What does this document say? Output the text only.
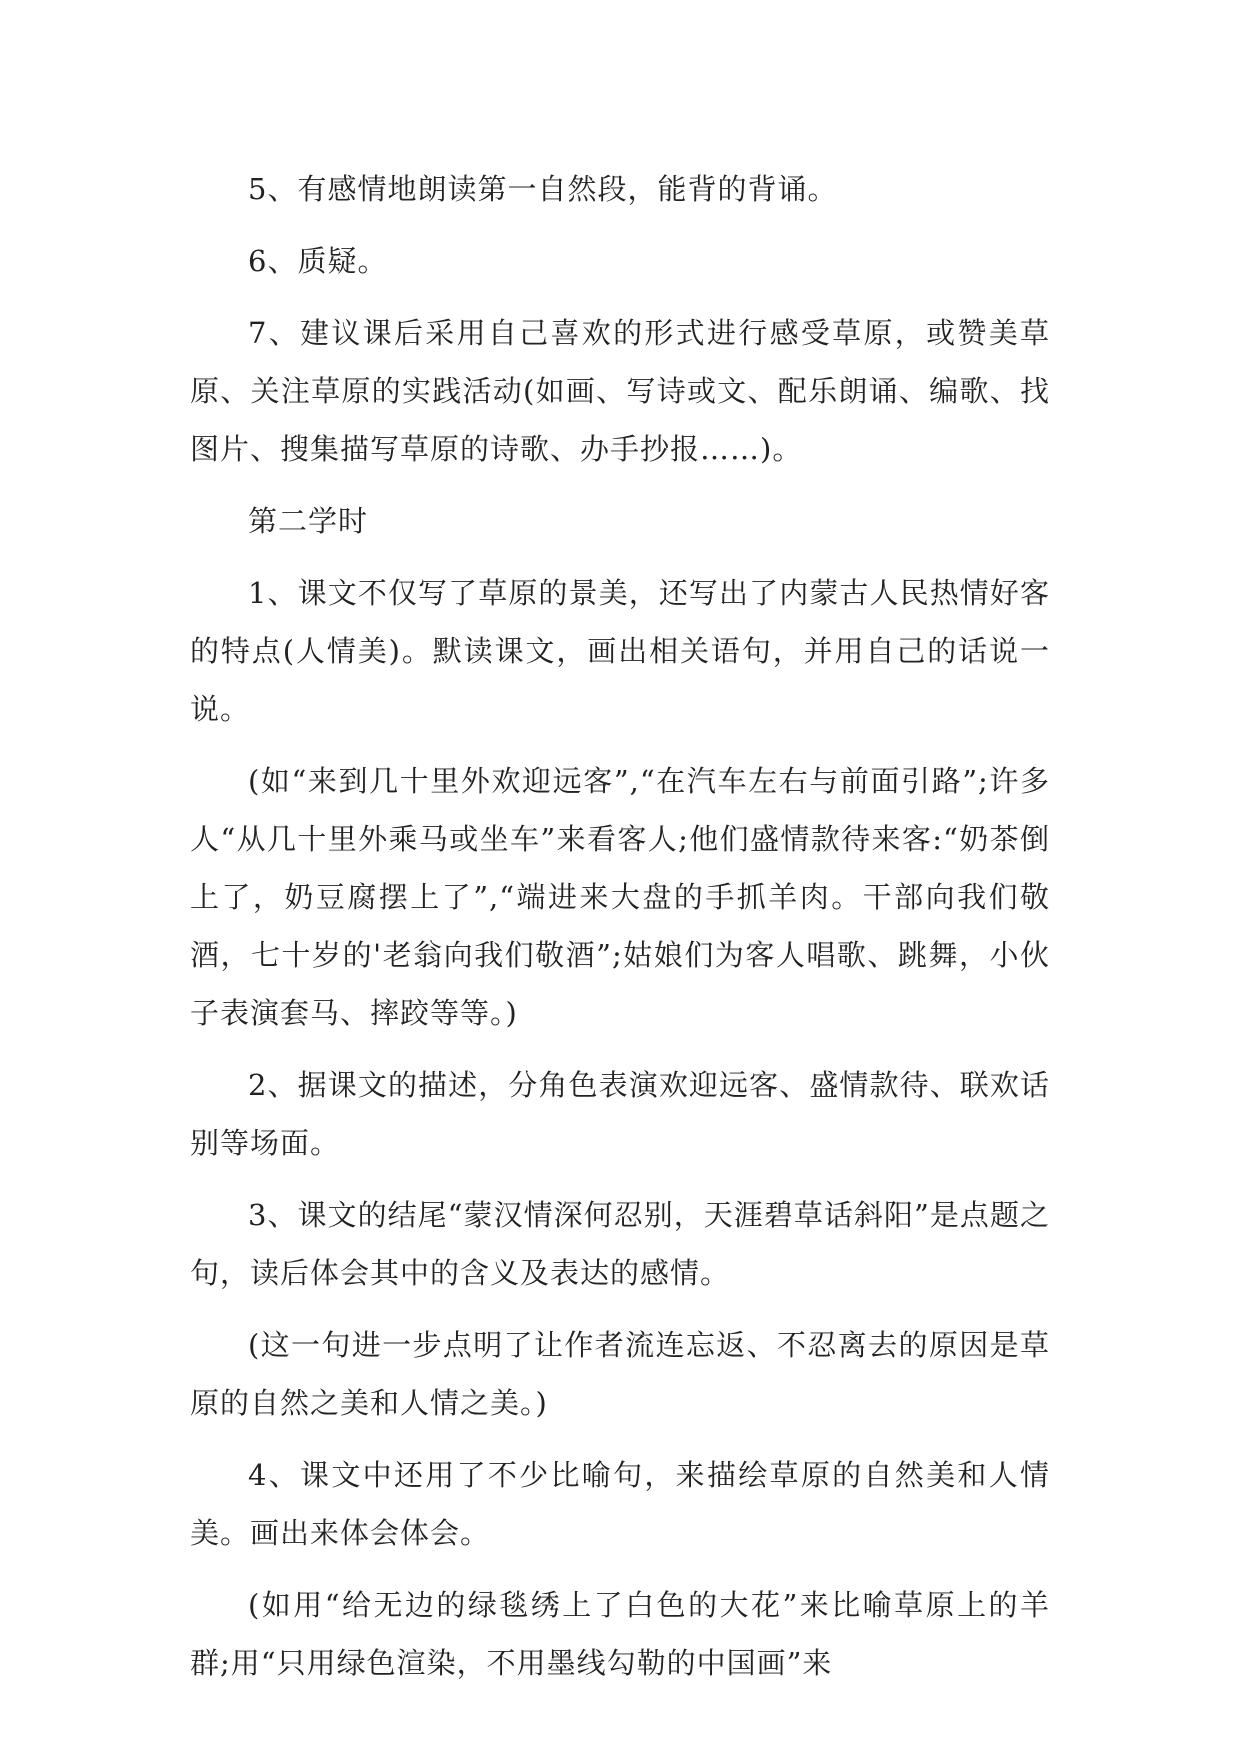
5、有感情地朗读第一自然段，能背的背诵。

6、质疑。

7、建议课后采用自己喜欢的形式进行感受草原，或赞美草原、关注草原的实践活动(如画、写诗或文、配乐朗诵、编歌、找图片、搜集描写草原的诗歌、办手抄报……)。

第二学时

1、课文不仅写了草原的景美，还写出了内蒙古人民热情好客的特点(人情美)。默读课文，画出相关语句，并用自己的话说一说。

(如“来到几十里外欢迎远客”,“在汽车左右与前面引路”;许多人“从几十里外乘马或坐车”来看客人;他们盛情款待来客:“奶茶倒上了，奶豆腐摆上了”,“端进来大盘的手抓羊肉。干部向我们敬酒，七十岁的'老翁向我们敬酒”;姑娘们为客人唱歌、跳舞，小伙子表演套马、摔跤等等。)

2、据课文的描述，分角色表演欢迎远客、盛情款待、联欢话别等场面。

3、课文的结尾“蒙汉情深何忍别，天涯碧草话斜阳”是点题之句，读后体会其中的含义及表达的感情。

(这一句进一步点明了让作者流连忘返、不忍离去的原因是草原的自然之美和人情之美。)

4、课文中还用了不少比喻句，来描绘草原的自然美和人情美。画出来体会体会。

(如用“给无边的绿毯绣上了白色的大花”来比喻草原上的羊群;用“只用绿色渲染，不用墨线勾勒的中国画”来
